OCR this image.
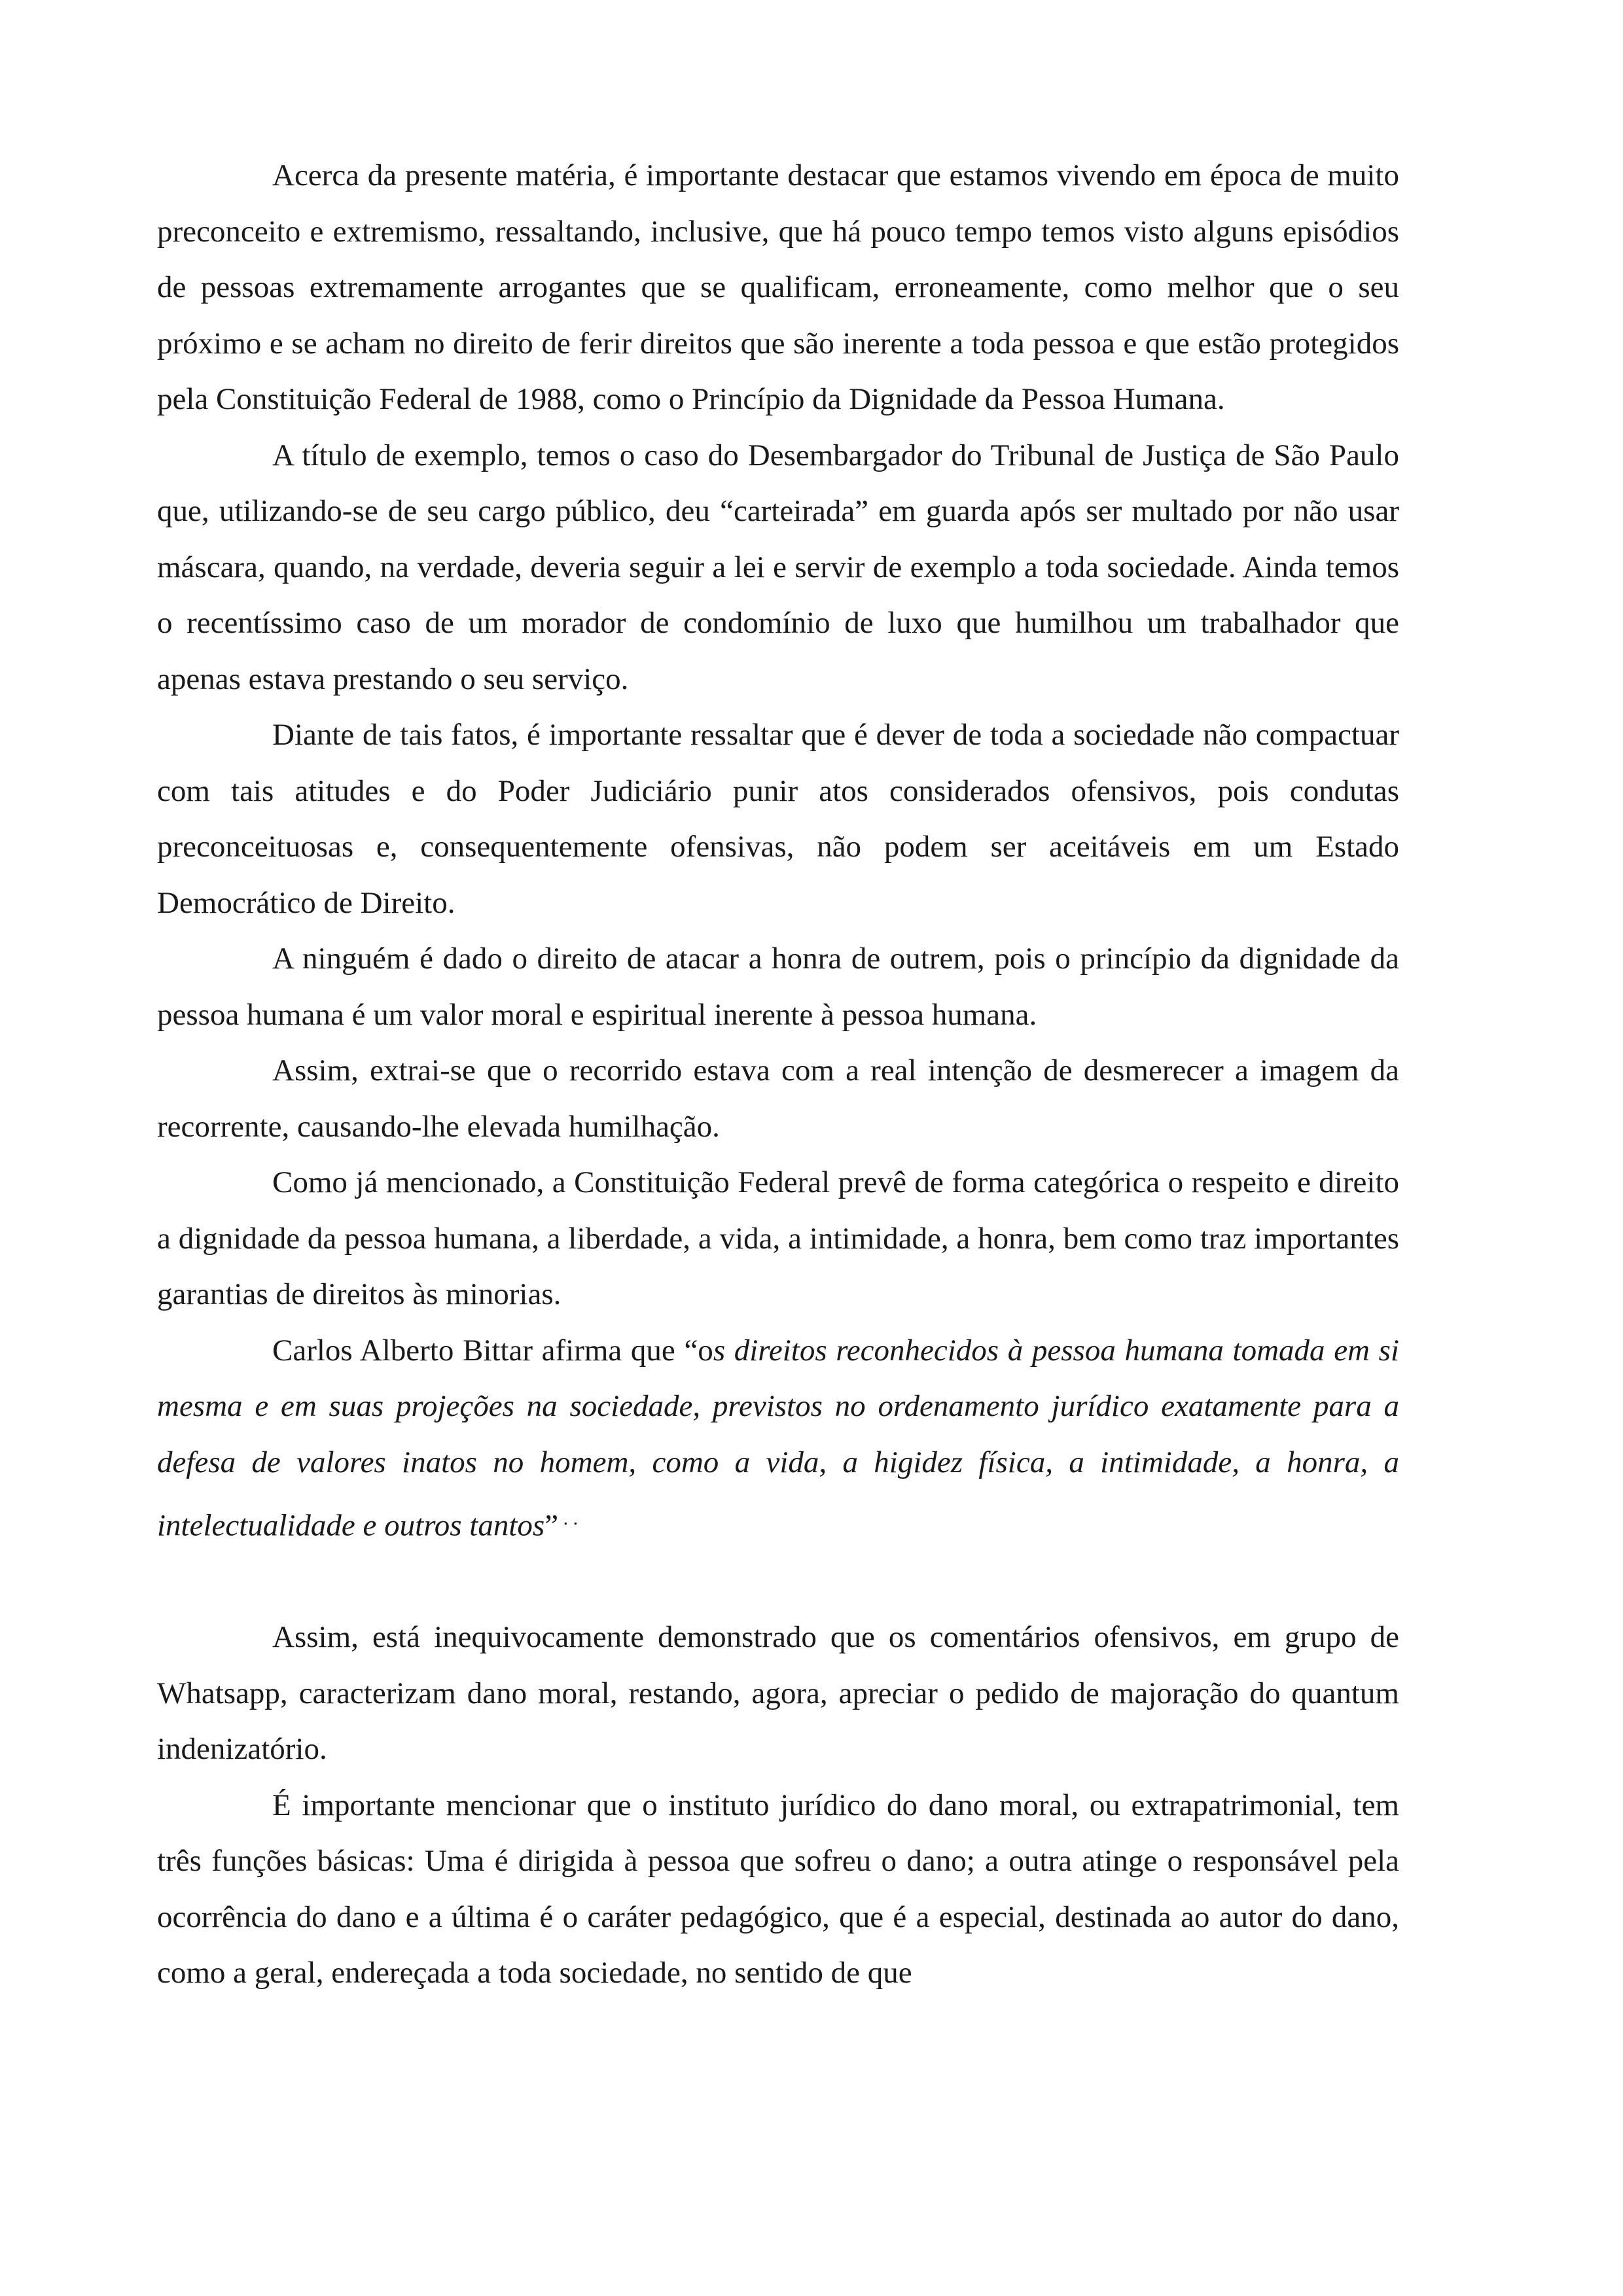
Acerca da presente matéria, é importante destacar que estamos vivendo em época de muito preconceito e extremismo, ressaltando, inclusive, que há pouco tempo temos visto alguns episódios de pessoas extremamente arrogantes que se qualificam, erroneamente, como melhor que o seu próximo e se acham no direito de ferir direitos que são inerente a toda pessoa e que estão protegidos pela Constituição Federal de 1988, como o Princípio da Dignidade da Pessoa Humana.

A título de exemplo, temos o caso do Desembargador do Tribunal de Justiça de São Paulo que, utilizando-se de seu cargo público, deu “carteirada” em guarda após ser multado por não usar máscara, quando, na verdade, deveria seguir a lei e servir de exemplo a toda sociedade. Ainda temos o recentíssimo caso de um morador de condomínio de luxo que humilhou um trabalhador que apenas estava prestando o seu serviço.

Diante de tais fatos, é importante ressaltar que é dever de toda a sociedade não compactuar com tais atitudes e do Poder Judiciário punir atos considerados ofensivos, pois condutas preconceituosas e, consequentemente ofensivas, não podem ser aceitáveis em um Estado Democrático de Direito.

A ninguém é dado o direito de atacar a honra de outrem, pois o princípio da dignidade da pessoa humana é um valor moral e espiritual inerente à pessoa humana.

Assim, extrai-se que o recorrido estava com a real intenção de desmerecer a imagem da recorrente, causando-lhe elevada humilhação.

Como já mencionado, a Constituição Federal prevê de forma categórica o respeito e direito a dignidade da pessoa humana, a liberdade, a vida, a intimidade, a honra, bem como traz importantes garantias de direitos às minorias.

Carlos Alberto Bittar afirma que “os direitos reconhecidos à pessoa humana tomada em si mesma e em suas projeções na sociedade, previstos no ordenamento jurídico exatamente para a defesa de valores inatos no homem, como a vida, a higidez física, a intimidade, a honra, a intelectualidade e outros tantos” . .

Assim, está inequivocamente demonstrado que os comentários ofensivos, em grupo de Whatsapp, caracterizam dano moral, restando, agora, apreciar o pedido de majoração do quantum indenizatório.

É importante mencionar que o instituto jurídico do dano moral, ou extrapatrimonial, tem três funções básicas: Uma é dirigida à pessoa que sofreu o dano; a outra atinge o responsável pela ocorrência do dano e a última é o caráter pedagógico, que é a especial, destinada ao autor do dano, como a geral, endereçada a toda sociedade, no sentido de que
